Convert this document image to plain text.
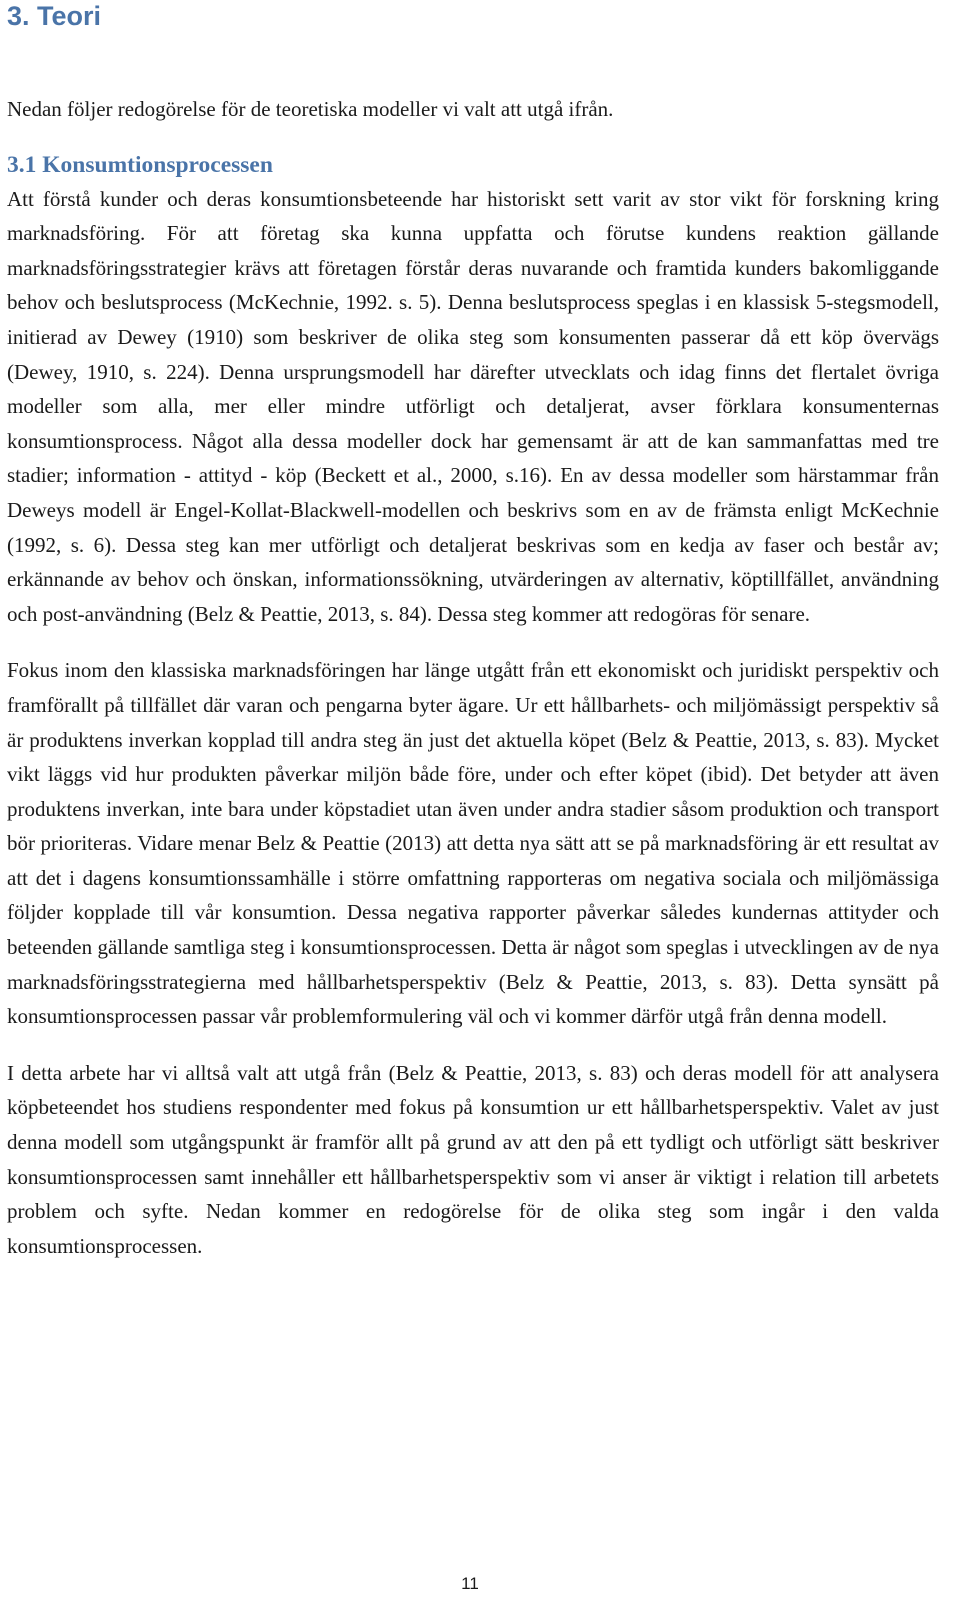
3. Teori

Nedan följer redogörelse för de teoretiska modeller vi valt att utgå ifrån.

3.1 Konsumtionsprocessen

Att förstå kunder och deras konsumtionsbeteende har historiskt sett varit av stor vikt för forskning kring marknadsföring. För att företag ska kunna uppfatta och förutse kundens reaktion gällande marknadsföringsstrategier krävs att företagen förstår deras nuvarande och framtida kunders bakomliggande behov och beslutsprocess (McKechnie, 1992. s. 5). Denna beslutsprocess speglas i en klassisk 5-stegsmodell, initierad av Dewey (1910) som beskriver de olika steg som konsumenten passerar då ett köp övervägs (Dewey, 1910, s. 224). Denna ursprungsmodell har därefter utvecklats och idag finns det flertalet övriga modeller som alla, mer eller mindre utförligt och detaljerat, avser förklara konsumenternas konsumtionsprocess. Något alla dessa modeller dock har gemensamt är att de kan sammanfattas med tre stadier; information - attityd - köp (Beckett et al., 2000, s.16). En av dessa modeller som härstammar från Deweys modell är Engel-Kollat-Blackwell-modellen och beskrivs som en av de främsta enligt McKechnie (1992, s. 6). Dessa steg kan mer utförligt och detaljerat beskrivas som en kedja av faser och består av; erkännande av behov och önskan, informationssökning, utvärderingen av alternativ, köptillfället, användning och post-användning (Belz & Peattie, 2013, s. 84). Dessa steg kommer att redogöras för senare.

Fokus inom den klassiska marknadsföringen har länge utgått från ett ekonomiskt och juridiskt perspektiv och framförallt på tillfället där varan och pengarna byter ägare. Ur ett hållbarhets- och miljömässigt perspektiv så är produktens inverkan kopplad till andra steg än just det aktuella köpet (Belz & Peattie, 2013, s. 83). Mycket vikt läggs vid hur produkten påverkar miljön både före, under och efter köpet (ibid). Det betyder att även produktens inverkan, inte bara under köpstadiet utan även under andra stadier såsom produktion och transport bör prioriteras. Vidare menar Belz & Peattie (2013) att detta nya sätt att se på marknadsföring är ett resultat av att det i dagens konsumtionssamhälle i större omfattning rapporteras om negativa sociala och miljömässiga följder kopplade till vår konsumtion. Dessa negativa rapporter påverkar således kundernas attityder och beteenden gällande samtliga steg i konsumtionsprocessen. Detta är något som speglas i utvecklingen av de nya marknadsföringsstrategierna med hållbarhetsperspektiv (Belz & Peattie, 2013, s. 83). Detta synsätt på konsumtionsprocessen passar vår problemformulering väl och vi kommer därför utgå från denna modell.

I detta arbete har vi alltså valt att utgå från (Belz & Peattie, 2013, s. 83) och deras modell för att analysera köpbeteendet hos studiens respondenter med fokus på konsumtion ur ett hållbarhetsperspektiv. Valet av just denna modell som utgångspunkt är framför allt på grund av att den på ett tydligt och utförligt sätt beskriver konsumtionsprocessen samt innehåller ett hållbarhetsperspektiv som vi anser är viktigt i relation till arbetets problem och syfte. Nedan kommer en redogörelse för de olika steg som ingår i den valda konsumtionsprocessen.

11
